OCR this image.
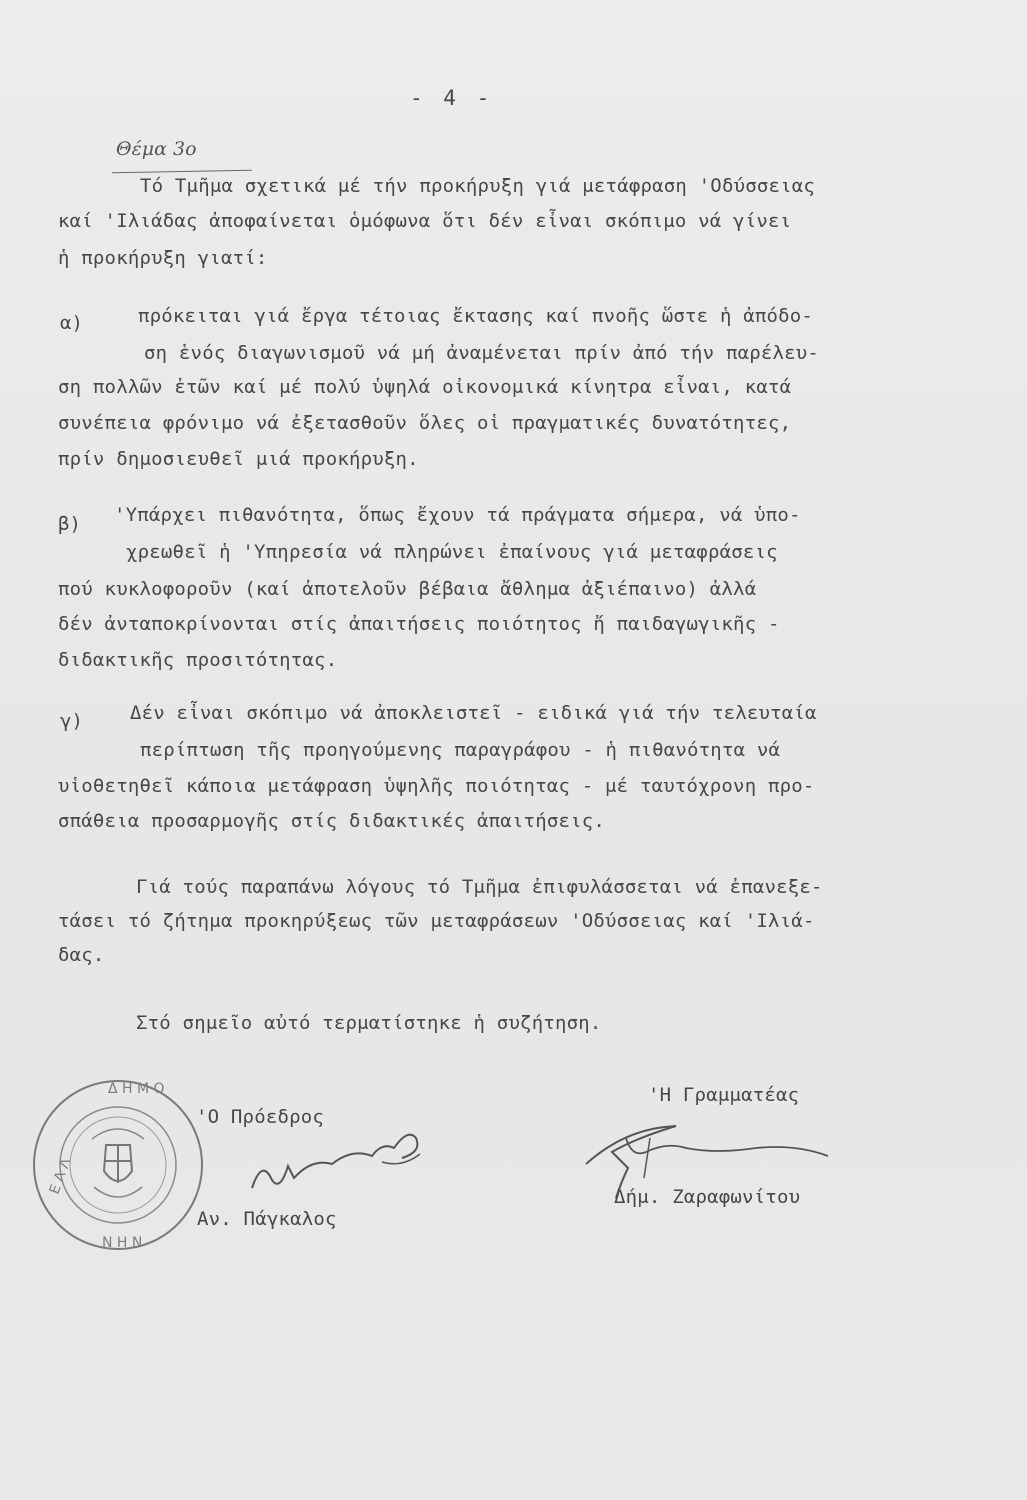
- 4 -
Θέμα 3ο
Τό Τμῆμα σχετικά μέ τήν προκήρυξη γιά μετάφραση 'Οδύσσειας
καί 'Ιλιάδας ἀποφαίνεται ὁμόφωνα ὅτι δέν εἶναι σκόπιμο νά γίνει
ἡ προκήρυξη γιατί:
α)	πρόκειται γιά ἔργα τέτοιας ἔκτασης καί πνοῆς ὥστε ἡ ἀπόδο-
ση ἑνός διαγωνισμοῦ νά μή ἀναμένεται πρίν ἀπό τήν παρέλευ-
ση πολλῶν ἐτῶν καί μέ πολύ ὑψηλά οἰκονομικά κίνητρα εἶναι, κατά
συνέπεια φρόνιμο νά ἐξετασθοῦν ὅλες οἱ πραγματικές δυνατότητες,
πρίν δημοσιευθεῖ μιά προκήρυξη.
β) 'Υπάρχει πιθανότητα, ὅπως ἔχουν τά πράγματα σήμερα, νά ὑπο-
χρεωθεῖ ἡ 'Υπηρεσία νά πληρώνει ἐπαίνους γιά μεταφράσεις
πού κυκλοφοροῦν (καί ἀποτελοῦν βέβαια ἄθλημα ἀξιέπαινο) ἀλλά
δέν ἀνταποκρίνονται στίς ἀπαιτήσεις ποιότητος ἤ παιδαγωγικῆς -
διδακτικῆς προσιτότητας.
γ) Δέν εἶναι σκόπιμο νά ἀποκλειστεῖ - ειδικά γιά τήν τελευταία
περίπτωση τῆς προηγούμενης παραγράφου - ἡ πιθανότητα νά
υἱοθετηθεῖ κάποια μετάφραση ὑψηλῆς ποιότητας - μέ ταυτόχρονη προ-
σπάθεια προσαρμογῆς στίς διδακτικές ἀπαιτήσεις.
Γιά τούς παραπάνω λόγους τό Τμῆμα ἐπιφυλάσσεται νά ἐπανεξε-
τάσει τό ζήτημα προκηρύξεως τῶν μεταφράσεων 'Οδύσσειας καί 'Ιλιά-
δας.
Στό σημεῖο αὐτό τερματίστηκε ἡ συζήτηση.
'Η Γραμματέας
'Ο Πρόεδρος
Δ Η Μ Ο
Ε Λ Λ
Ν Η Ν
Αν. Πάγκαλος
Δήμ. Ζαραφωνίτου
